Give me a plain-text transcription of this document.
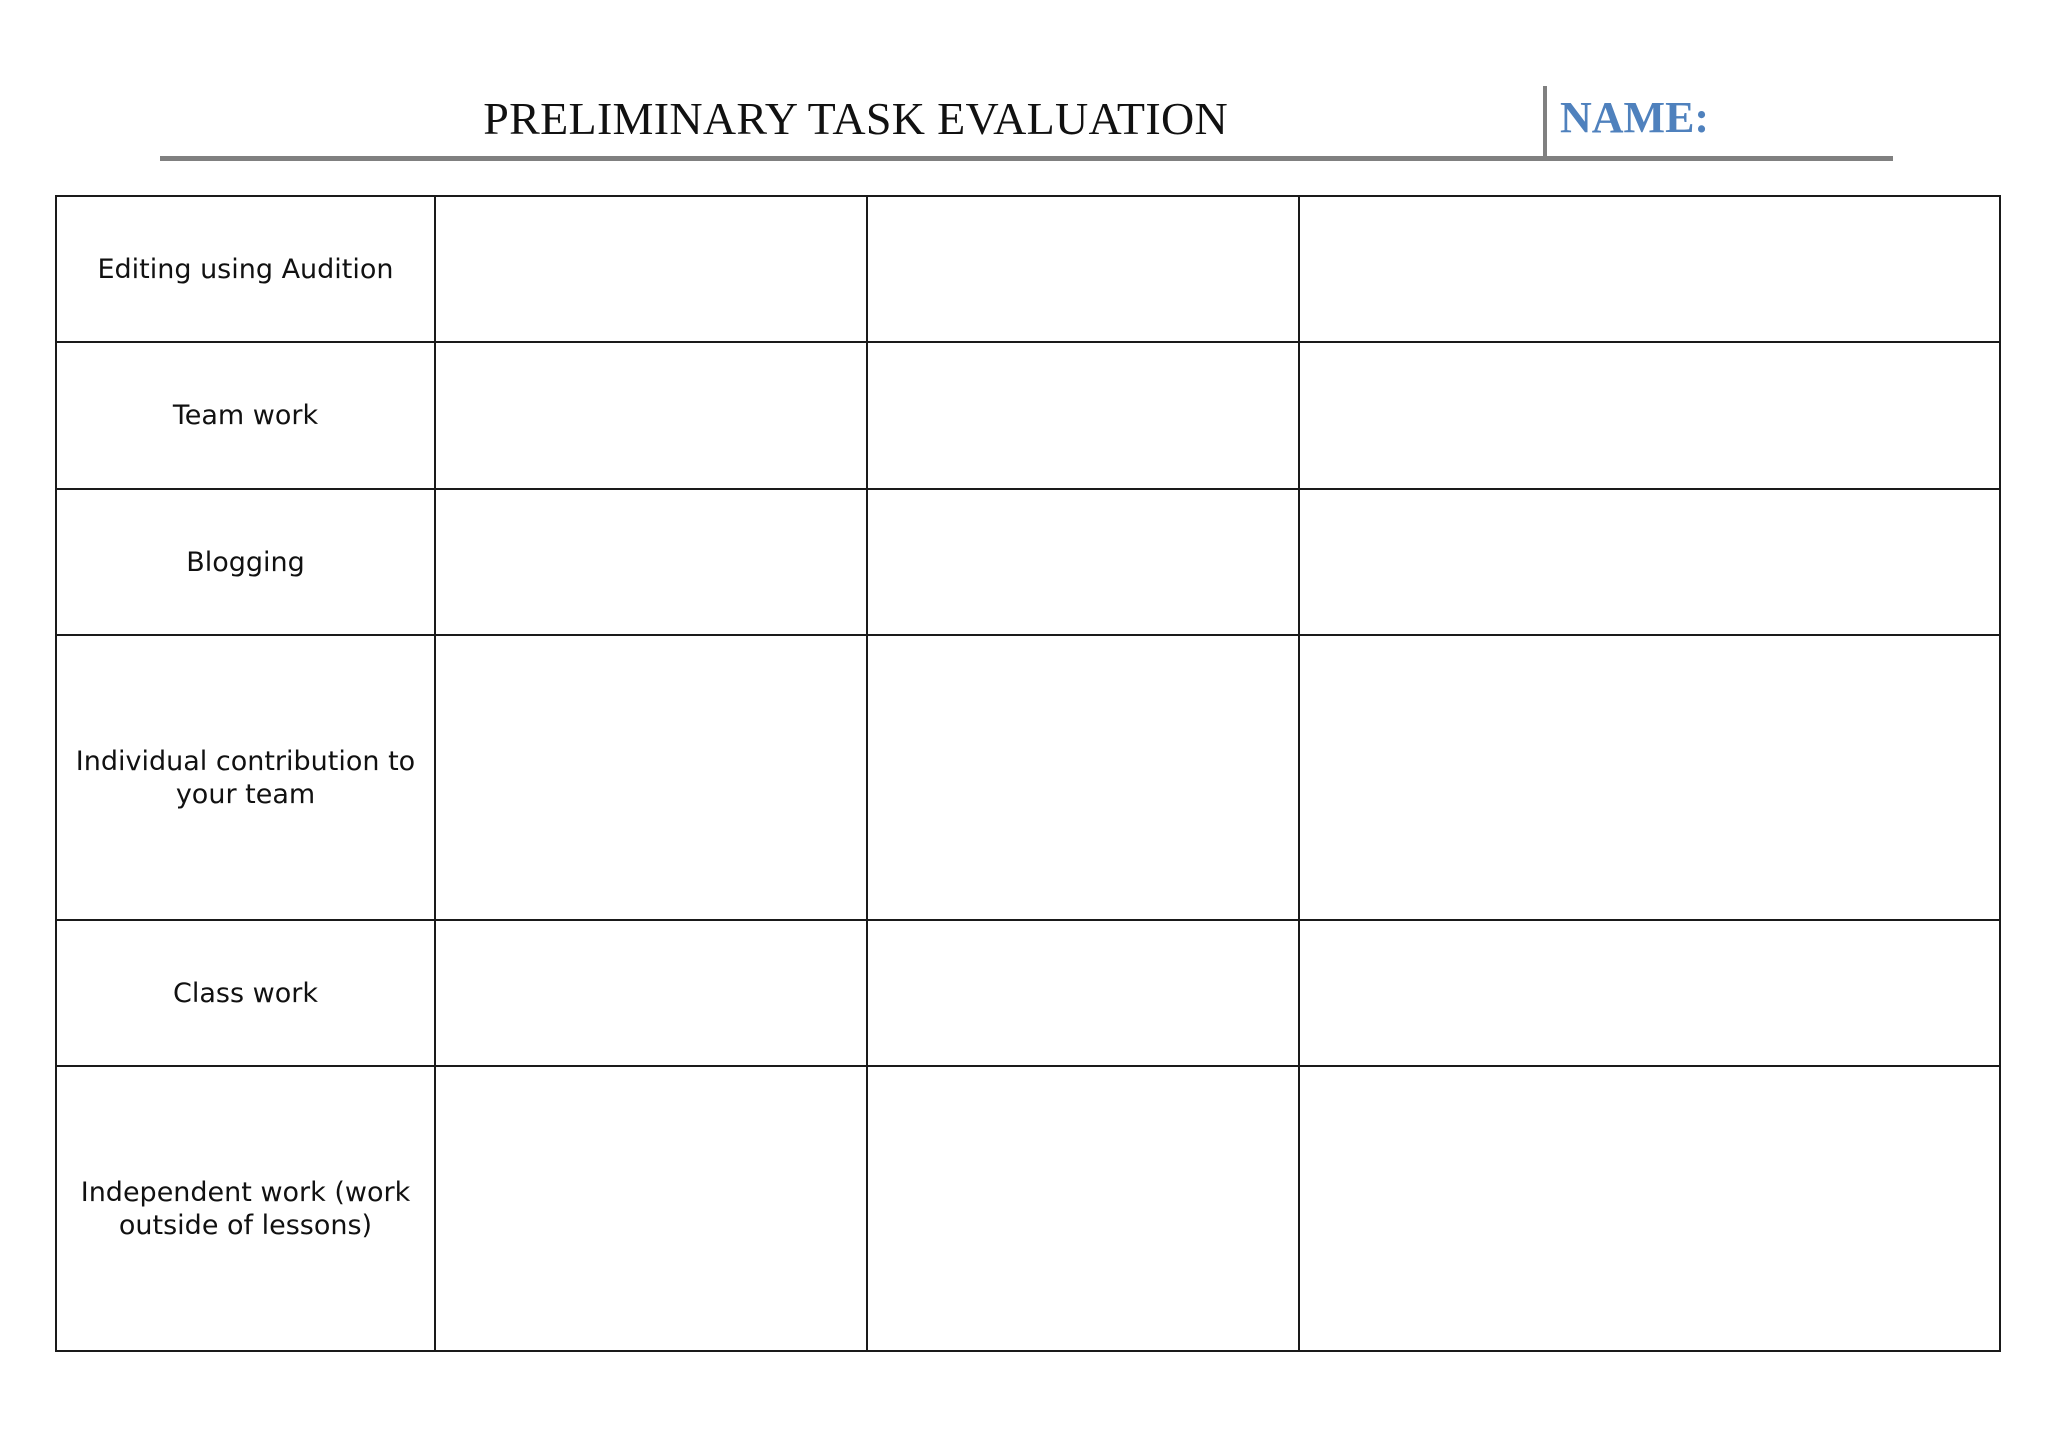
PRELIMINARY TASK EVALUATION	NAME:
Editing using Audition			
Team work			
Blogging			
Individual contribution to your team			
Class work			
Independent work (work outside of lessons)			
